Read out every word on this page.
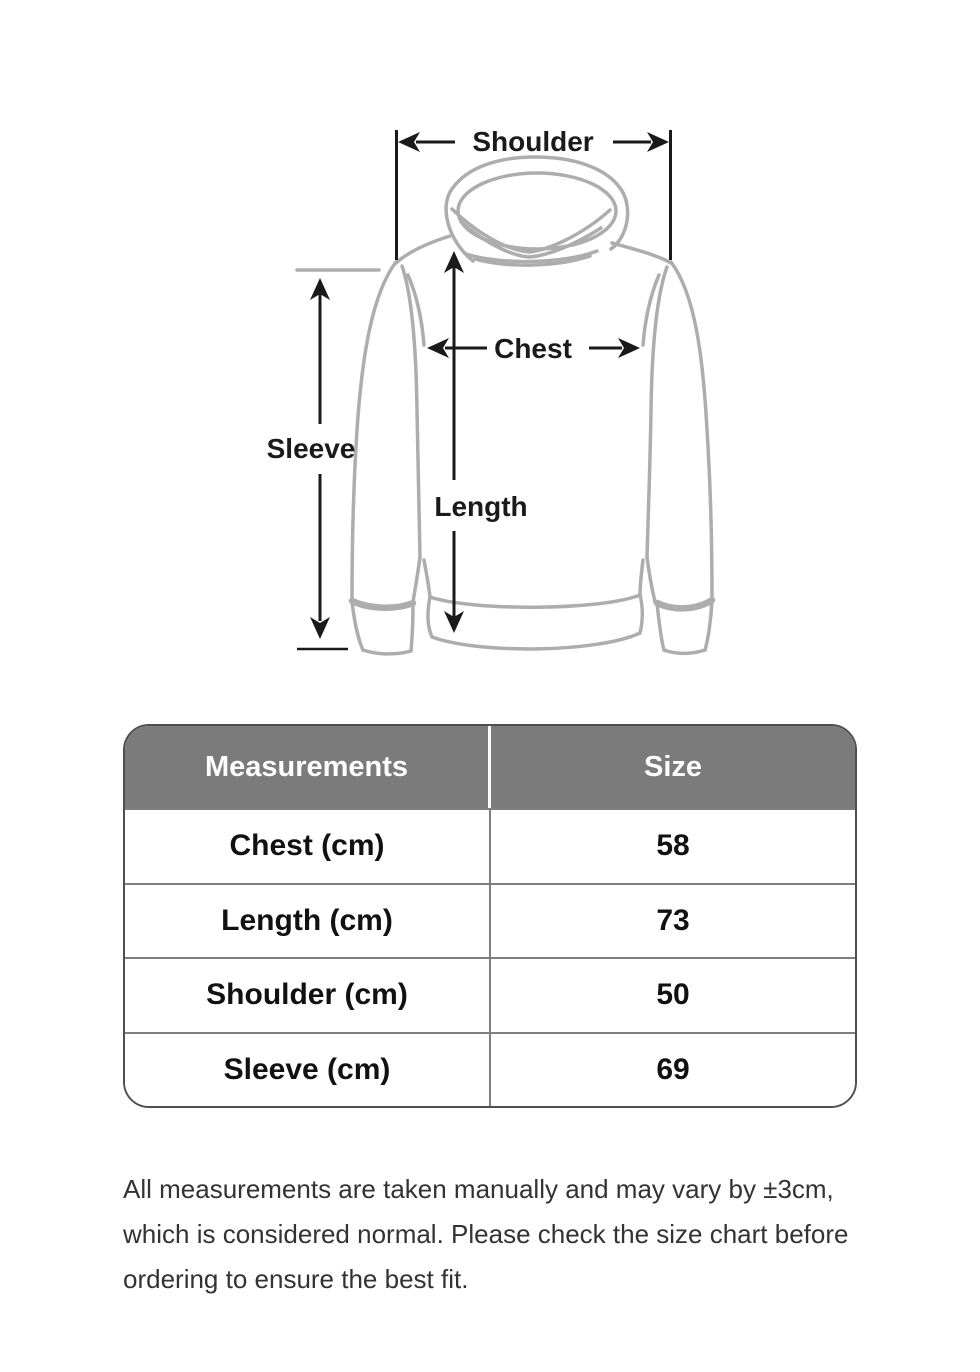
Shoulder
Chest
Length
Sleeve
Measurements	Size
Chest (cm)	58
Length (cm)	73
Shoulder (cm)	50
Sleeve (cm)	69
All measurements are taken manually and may vary by ±3cm,
which is considered normal. Please check the size chart before
ordering to ensure the best fit.
